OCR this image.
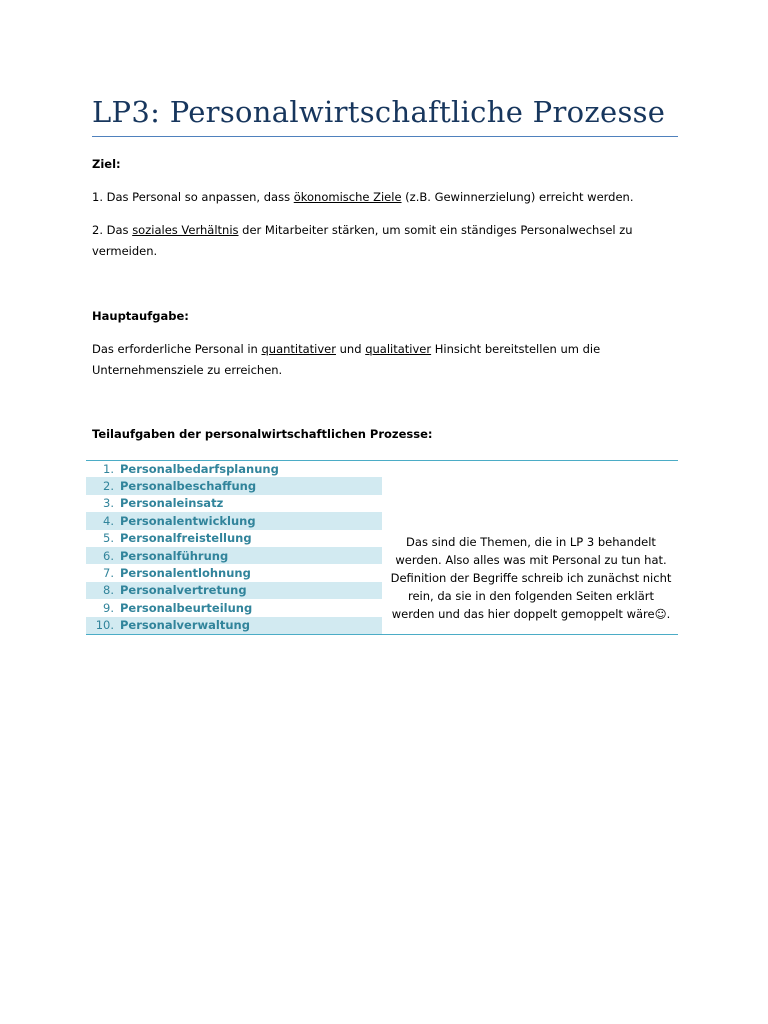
LP3: Personalwirtschaftliche Prozesse

Ziel:

1. Das Personal so anpassen, dass ökonomische Ziele (z.B. Gewinnerzielung) erreicht werden.

2. Das soziales Verhältnis der Mitarbeiter stärken, um somit ein ständiges Personalwechsel zu vermeiden.

Hauptaufgabe:

Das erforderliche Personal in quantitativer und qualitativer Hinsicht bereitstellen um die Unternehmensziele zu erreichen.

Teilaufgaben der personalwirtschaftlichen Prozesse:

1. Personalbedarfsplanung
2. Personalbeschaffung
3. Personaleinsatz
4. Personalentwicklung
5. Personalfreistellung
6. Personalführung
7. Personalentlohnung
8. Personalvertretung
9. Personalbeurteilung
10. Personalverwaltung
Das sind die Themen, die in LP 3 behandelt werden. Also alles was mit Personal zu tun hat. Definition der Begriffe schreib ich zunächst nicht rein, da sie in den folgenden Seiten erklärt werden und das hier doppelt gemoppelt wäre☺.
